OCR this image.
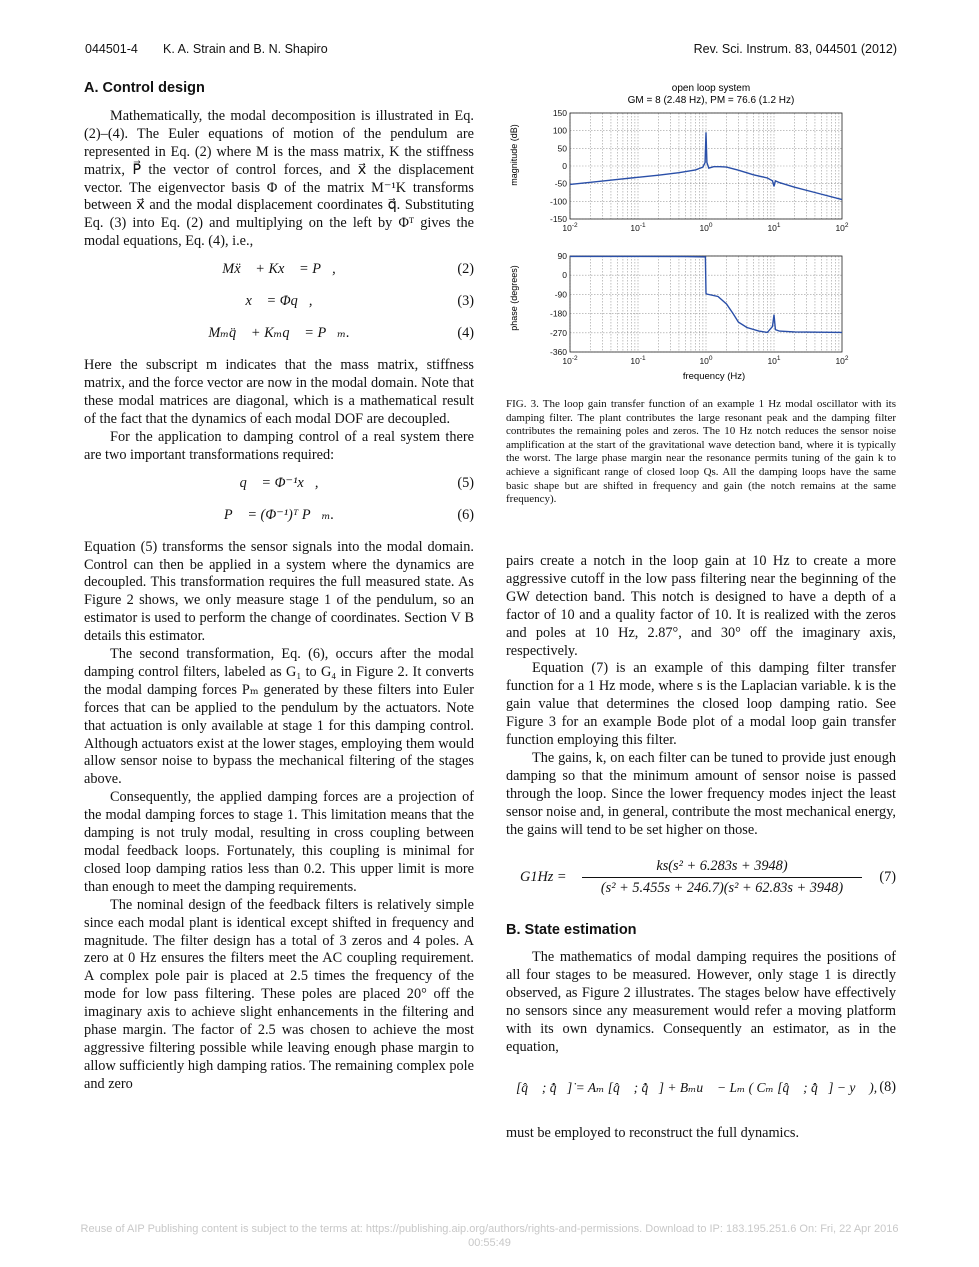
044501-4 K. A. Strain and B. N. Shapiro	Rev. Sci. Instrum. 83, 044501 (2012)
A. Control design

Mathematically, the modal decomposition is illustrated in Eq. (2)–(4). The Euler equations of motion of the pendulum are represented in Eq. (2) where M is the mass matrix, K the stiffness matrix, P⃗ the vector of control forces, and x⃗ the displacement vector. The eigenvector basis Φ of the matrix M⁻¹K transforms between x⃗ and the modal displacement coordinates q⃗. Substituting Eq. (3) into Eq. (2) and multiplying on the left by Φᵀ gives the modal equations, Eq. (4), i.e.,

Mẍ⃗ + Kx⃗ = P⃗,	(2)
x⃗ = Φq⃗,	(3)
Mₘq̈⃗ + Kₘq⃗ = P⃗ₘ.	(4)

Here the subscript m indicates that the mass matrix, stiffness matrix, and the force vector are now in the modal domain. Note that these modal matrices are diagonal, which is a mathematical result of the fact that the dynamics of each modal DOF are decoupled.

For the application to damping control of a real system there are two important transformations required:

q⃗ = Φ⁻¹x⃗,	(5)
P⃗ = (Φ⁻¹)ᵀ P⃗ₘ.	(6)

Equation (5) transforms the sensor signals into the modal domain. Control can then be applied in a system where the dynamics are decoupled. This transformation requires the full measured state. As Figure 2 shows, we only measure stage 1 of the pendulum, so an estimator is used to perform the change of coordinates. Section V B details this estimator.

The second transformation, Eq. (6), occurs after the modal damping control filters, labeled as G₁ to G₄ in Figure 2. It converts the modal damping forces Pₘ generated by these filters into Euler forces that can be applied to the pendulum by the actuators. Note that actuation is only available at stage 1 for this damping control. Although actuators exist at the lower stages, employing them would allow sensor noise to bypass the mechanical filtering of the stages above.

Consequently, the applied damping forces are a projection of the modal damping forces to stage 1. This limitation means that the damping is not truly modal, resulting in cross coupling between modal feedback loops. Fortunately, this coupling is minimal for closed loop damping ratios less than 0.2. This upper limit is more than enough to meet the damping requirements.

The nominal design of the feedback filters is relatively simple since each modal plant is identical except shifted in frequency and magnitude. The filter design has a total of 3 zeros and 4 poles. A zero at 0 Hz ensures the filters meet the AC coupling requirement. A complex pole pair is placed at 2.5 times the frequency of the mode for low pass filtering. These poles are placed 20° off the imaginary axis to achieve slight enhancements in the filtering and phase margin. The factor of 2.5 was chosen to achieve the most aggressive filtering possible while leaving enough phase margin to allow sufficiently high damping ratios. The remaining complex pole and zero

open loop system
GM = 8 (2.48 Hz), PM = 76.6 (1.2 Hz)
-150
-100
-50
0
50
100
150
$10^{-2}$	$10^{-1}$	$10^0$	$10^1$	$10^2$
-360
-270
-180
-90
0
90
$10^{-2}$	$10^{-1}$	$10^0$	$10^1$	$10^2$
magnitude (dB)
phase (degrees)
frequency (Hz)
FIG. 3. The loop gain transfer function of an example 1 Hz modal oscillator with its damping filter. The plant contributes the large resonant peak and the damping filter contributes the remaining poles and zeros. The 10 Hz notch reduces the sensor noise amplification at the start of the gravitational wave detection band, where it is typically the worst. The large phase margin near the resonance permits tuning of the gain k to achieve a significant range of closed loop Qs. All the damping loops have the same basic shape but are shifted in frequency and gain (the notch remains at the same frequency).

pairs create a notch in the loop gain at 10 Hz to create a more aggressive cutoff in the low pass filtering near the beginning of the GW detection band. This notch is designed to have a depth of a factor of 10 and a quality factor of 10. It is realized with the zeros and poles at 10 Hz, 2.87°, and 30° off the imaginary axis, respectively.

Equation (7) is an example of this damping filter transfer function for a 1 Hz mode, where s is the Laplacian variable. k is the gain value that determines the closed loop damping ratio. See Figure 3 for an example Bode plot of a modal loop gain transfer function employing this filter.

The gains, k, on each filter can be tuned to provide just enough damping so that the minimum amount of sensor noise is passed through the loop. Since the lower frequency modes inject the least sensor noise and, in general, contribute the most mechanical energy, the gains will tend to be set higher on those.

$G1Hz = \frac{\text{ks(s² + 6.283s + 3948)}}{\text{(s² + 5.455s + 246.7)(s² + 62.83s + 3948)}} (7)$
B. State estimation

The mathematics of modal damping requires the positions of all four stages to be measured. However, only stage 1 is directly observed, as Figure 2 illustrates. The stages below have effectively no sensors since any measurement would refer a moving platform with its own dynamics. Consequently an estimator, as in the equation,

[q̂⃗ ; q̂̇⃗]̇ = Aₘ [q̂⃗ ; q̂̇⃗] + Bₘu⃗ − Lₘ ( Cₘ [q̂⃗ ; q̂̇⃗] − y⃗ ), (8)

must be employed to reconstruct the full dynamics.

Reuse of AIP Publishing content is subject to the terms at: https://publishing.aip.org/authors/rights-and-permissions. Download to IP: 183.195.251.6 On: Fri, 22 Apr 2016
00:55:49
